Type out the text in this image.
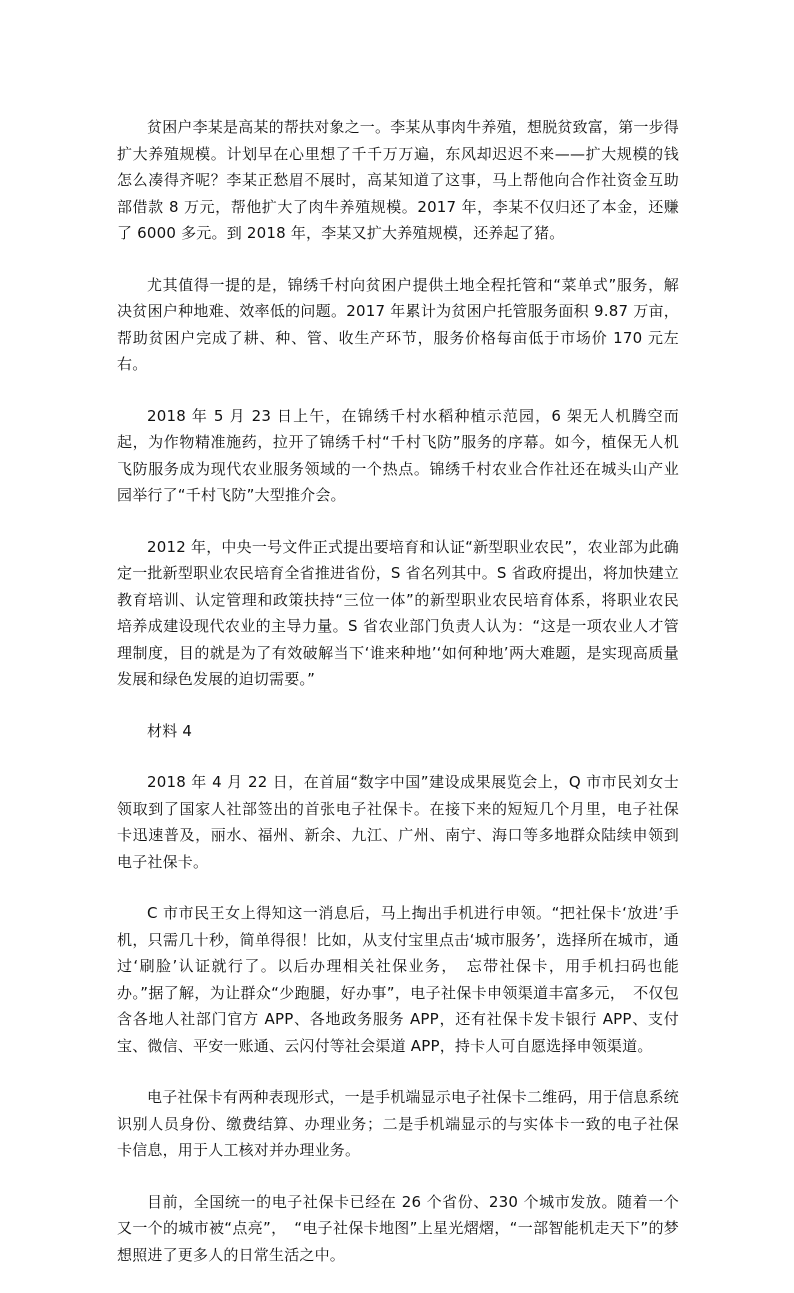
贫困户李某是高某的帮扶对象之一。李某从事肉牛养殖，想脱贫致富，第一步得扩大养殖规模。计划早在心里想了千千万万遍，东风却迟迟不来——扩大规模的钱怎么凑得齐呢？李某正愁眉不展时，高某知道了这事，马上帮他向合作社资金互助部借款 8 万元，帮他扩大了肉牛养殖规模。2017 年，李某不仅归还了本金，还赚了 6000 多元。到 2018 年，李某又扩大养殖规模，还养起了猪。

尤其值得一提的是，锦绣千村向贫困户提供土地全程托管和“菜单式”服务，解决贫困户种地难、效率低的问题。2017 年累计为贫困户托管服务面积 9.87 万亩，帮助贫困户完成了耕、种、管、收生产环节，服务价格每亩低于市场价 170 元左右。

2018 年 5 月 23 日上午，在锦绣千村水稻种植示范园，6 架无人机腾空而起，为作物精准施药，拉开了锦绣千村“千村飞防”服务的序幕。如今，植保无人机飞防服务成为现代农业服务领域的一个热点。锦绣千村农业合作社还在城头山产业园举行了“千村飞防”大型推介会。

2012 年，中央一号文件正式提出要培育和认证“新型职业农民”，农业部为此确定一批新型职业农民培育全省推进省份，S 省名列其中。S 省政府提出，将加快建立教育培训、认定管理和政策扶持“三位一体”的新型职业农民培育体系，将职业农民培养成建设现代农业的主导力量。S 省农业部门负责人认为：“这是一项农业人才管理制度，目的就是为了有效破解当下‘谁来种地’‘如何种地’两大难题，是实现高质量发展和绿色发展的迫切需要。”

材料 4

2018 年 4 月 22 日，在首届“数字中国”建设成果展览会上，Q 市市民刘女士领取到了国家人社部签出的首张电子社保卡。在接下来的短短几个月里，电子社保卡迅速普及，丽水、福州、新余、九江、广州、南宁、海口等多地群众陆续申领到电子社保卡。

C 市市民王女上得知这一消息后，马上掏出手机进行申领。“把社保卡‘放进’手机，只需几十秒，简单得很！比如，从支付宝里点击‘城市服务’，选择所在城市，通过‘刷脸’认证就行了。以后办理相关社保业务，　忘带社保卡，用手机扫码也能办。”据了解，为让群众“少跑腿，好办事”，电子社保卡申领渠道丰富多元，　不仅包含各地人社部门官方 APP、各地政务服务 APP，还有社保卡发卡银行 APP、支付宝、微信、平安一账通、云闪付等社会渠道 APP，持卡人可自愿选择申领渠道。

电子社保卡有两种表现形式，一是手机端显示电子社保卡二维码，用于信息系统识别人员身份、缴费结算、办理业务；二是手机端显示的与实体卡一致的电子社保卡信息，用于人工核对并办理业务。

目前，全国统一的电子社保卡已经在 26 个省份、230 个城市发放。随着一个又一个的城市被“点亮”，　“电子社保卡地图”上星光熠熠，“一部智能机走天下”的梦想照进了更多人的日常生活之中。
